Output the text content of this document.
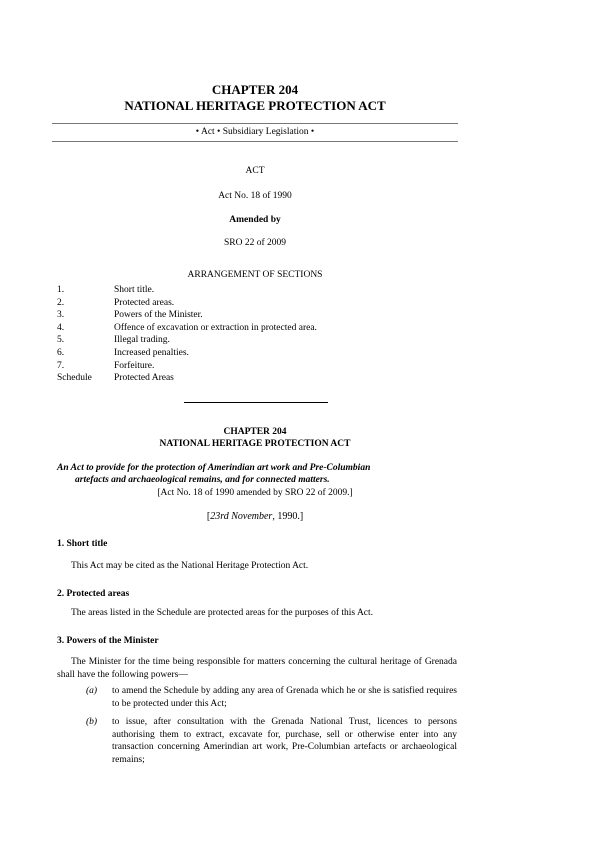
CHAPTER 204
NATIONAL HERITAGE PROTECTION ACT
• Act • Subsidiary Legislation •
ACT
Act No. 18 of 1990
Amended by
SRO 22 of 2009
ARRANGEMENT OF SECTIONS
1.	Short title.
2.	Protected areas.
3.	Powers of the Minister.
4.	Offence of excavation or extraction in protected area.
5.	Illegal trading.
6.	Increased penalties.
7.	Forfeiture.
Schedule Protected Areas
CHAPTER 204
NATIONAL HERITAGE PROTECTION ACT
An Act to provide for the protection of Amerindian art work and Pre-Columbian
artefacts and archaeological remains, and for connected matters.
[Act No. 18 of 1990 amended by SRO 22 of 2009.]
[23rd November, 1990.]
1. Short title
This Act may be cited as the National Heritage Protection Act.
2. Protected areas
The areas listed in the Schedule are protected areas for the purposes of this Act.
3. Powers of the Minister
The Minister for the time being responsible for matters concerning the cultural heritage of Grenada shall have the following powers—
(a) to amend the Schedule by adding any area of Grenada which he or she is satisfied requires to be protected under this Act;
(b) to issue, after consultation with the Grenada National Trust, licences to persons authorising them to extract, excavate for, purchase, sell or otherwise enter into any transaction concerning Amerindian art work, Pre-Columbian artefacts or archaeological remains;
